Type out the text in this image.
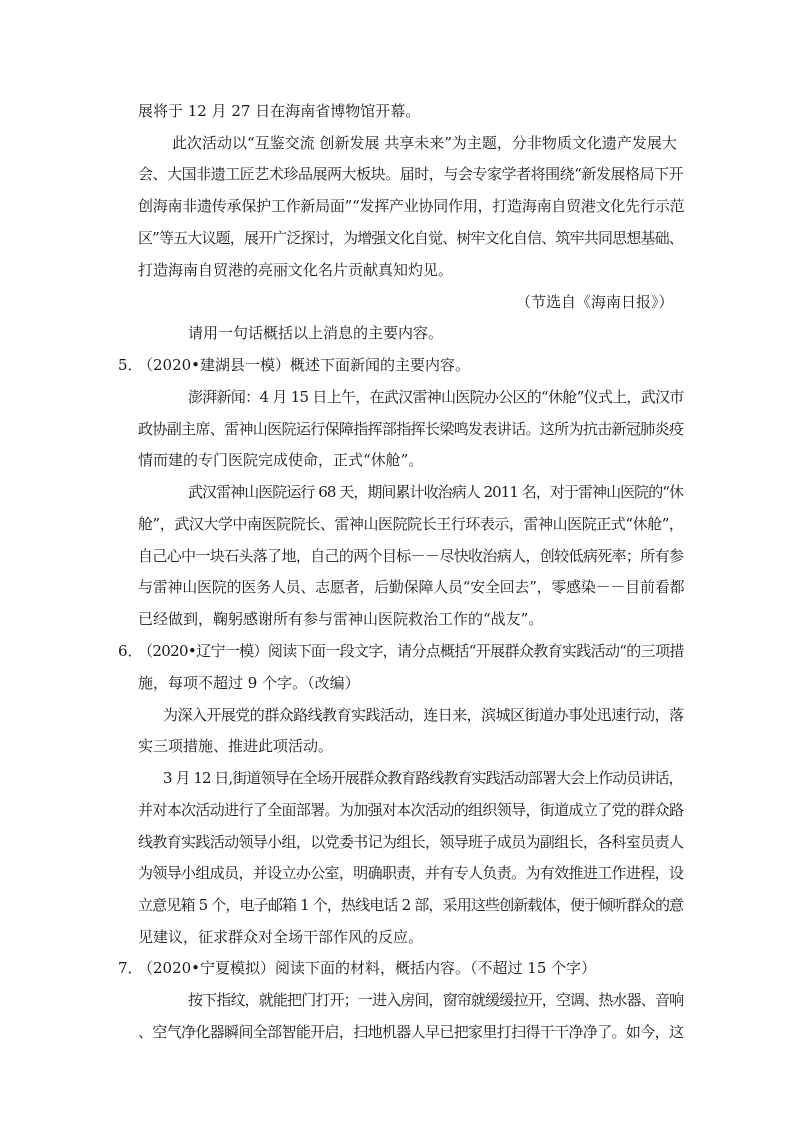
展将于 12 月 27 日在海南省博物馆开幕。
此次活动以“互鉴交流 创新发展 共享未来”为主题，分非物质文化遗产发展大
会、大国非遗工匠艺术珍品展两大板块。届时，与会专家学者将围绕“新发展格局下开
创海南非遗传承保护工作新局面”“发挥产业协同作用，打造海南自贸港文化先行示范
区”等五大议题，展开广泛探讨，为增强文化自觉、树牢文化自信、筑牢共同思想基础、
打造海南自贸港的亮丽文化名片贡献真知灼见。
（节选自《海南日报》）
请用一句话概括以上消息的主要内容。
5．
（2020•建湖县一模）概述下面新闻的主要内容。
澎湃新闻：4 月 15 日上午，在武汉雷神山医院办公区的“休舱”仪式上，武汉市
政协副主席、雷神山医院运行保障指挥部指挥长梁鸣发表讲话。这所为抗击新冠肺炎疫
情而建的专门医院完成使命，正式“休舱”。
武汉雷神山医院运行 68 天，期间累计收治病人 2011 名，对于雷神山医院的“休
舱”，武汉大学中南医院院长、雷神山医院院长王行环表示，雷神山医院正式“休舱”，
自己心中一块石头落了地，自己的两个目标－－尽快收治病人，创较低病死率；所有参
与雷神山医院的医务人员、志愿者，后勤保障人员“安全回去”，零感染－－目前看都
已经做到，鞠躬感谢所有参与雷神山医院救治工作的“战友”。
6．
（2020•辽宁一模）阅读下面一段文字，请分点概括“开展群众教育实践活动“的三项措
施，每项不超过 9 个字。（改编）
为深入开展党的群众路线教育实践活动，连日来，滨城区街道办事处迅速行动，落
实三项措施、推进此项活动。
3 月 12 日,街道领导在全场开展群众教育路线教育实践活动部署大会上作动员讲话，
并对本次活动进行了全面部署。为加强对本次活动的组织领导，街道成立了党的群众路
线教育实践活动领导小组，以党委书记为组长，领导班子成员为副组长，各科室员责人
为领导小组成员，并设立办公室，明确职责，并有专人负责。为有效推进工作进程，设
立意见箱 5 个，电子邮箱 1 个，热线电话 2 部，采用这些创新载体，便于倾听群众的意
见建议，征求群众对全场干部作风的反应。
7．
（2020•宁夏模拟）阅读下面的材料，概括内容。（不超过 15 个字）
按下指纹，就能把门打开；一进入房间，窗帘就缓缓拉开，空调、热水器、音响
、空气净化器瞬间全部智能开启，扫地机器人早已把家里打扫得干干净净了。如今，这
